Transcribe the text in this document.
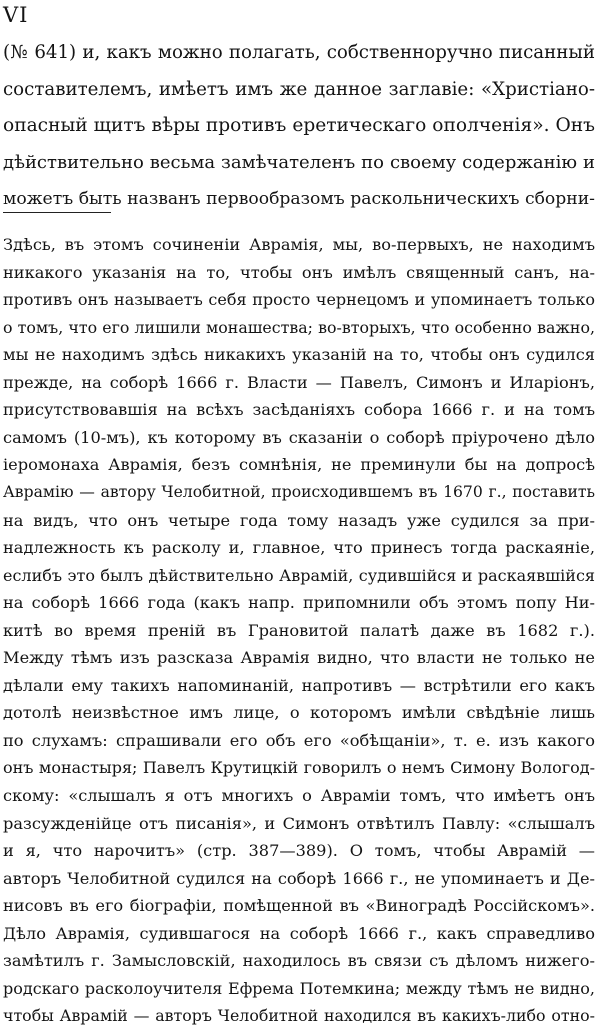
VI
(№ 641) и, какъ можно полагать, собственноручно писанный
составителемъ, имѣетъ имъ же данное заглавіе: «Христіано-
опасный щитъ вѣры противъ еретическаго ополченія». Онъ
дѣйствительно весьма замѣчателенъ по своему содержанію и
можетъ быть названъ первообразомъ раскольническихъ сборни-
Здѣсь, въ этомъ сочиненіи Аврамія, мы, во-первыхъ, не находимъ
никакого указанія на то, чтобы онъ имѣлъ священный санъ, на-
противъ онъ называетъ себя просто чернецомъ и упоминаетъ только
о томъ, что его лишили монашества; во-вторыхъ, что особенно важно,
мы не находимъ здѣсь никакихъ указаній на то, чтобы онъ судился
прежде, на соборѣ 1666 г. Власти — Павелъ, Симонъ и Иларіонъ,
присутствовавшія на всѣхъ засѣданіяхъ собора 1666 г. и на томъ
самомъ (10-мъ), къ которому въ сказаніи о соборѣ пріурочено дѣло
іеромонаха Аврамія, безъ сомнѣнія, не преминули бы на допросѣ
Аврамію — автору Челобитной, происходившемъ въ 1670 г., поставить
на видъ, что онъ четыре года тому назадъ уже судился за при-
надлежность къ расколу и, главное, что принесъ тогда раскаяніе,
еслибъ это былъ дѣйствительно Аврамій, судившійся и раскаявшійся
на соборѣ 1666 года (какъ напр. припомнили объ этомъ попу Ни-
китѣ во время преній въ Грановитой палатѣ даже въ 1682 г.).
Между тѣмъ изъ разсказа Аврамія видно, что власти не только не
дѣлали ему такихъ напоминаній, напротивъ — встрѣтили его какъ
дотолѣ неизвѣстное имъ лице, о которомъ имѣли свѣдѣніе лишь
по слухамъ: спрашивали его объ его «обѣщаніи», т. е. изъ какого
онъ монастыря; Павелъ Крутицкій говорилъ о немъ Симону Вологод-
скому: «слышалъ я отъ многихъ о Авраміи томъ, что имѣетъ онъ
разсужденійце отъ писанія», и Симонъ отвѣтилъ Павлу: «слышалъ
и я, что нарочитъ» (стр. 387—389). О томъ, чтобы Аврамій —
авторъ Челобитной судился на соборѣ 1666 г., не упоминаетъ и Де-
нисовъ въ его біографіи, помѣщенной въ «Виноградѣ Россійскомъ».
Дѣло Аврамія, судившагося на соборѣ 1666 г., какъ справедливо
замѣтилъ г. Замысловскій, находилось въ связи съ дѣломъ нижего-
родскаго расколоучителя Ефрема Потемкина; между тѣмъ не видно,
чтобы Аврамій — авторъ Челобитной находился въ какихъ-либо отно-
